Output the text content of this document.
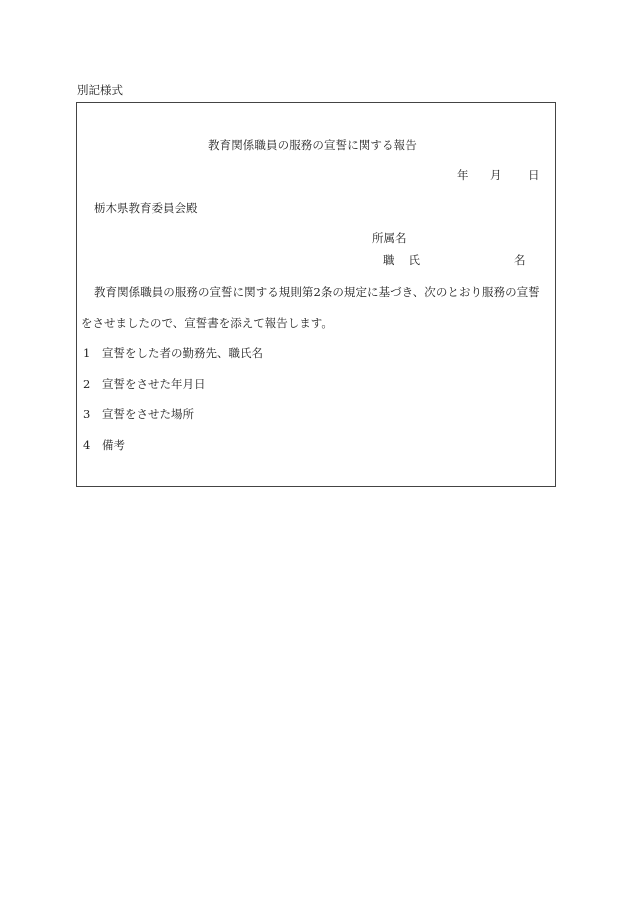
別記様式
教育関係職員の服務の宣誓に関する報告
年 月 日
栃木県教育委員会殿
所属名
職氏	名
教育関係職員の服務の宣誓に関する規則第2条の規定に基づき、次のとおり服務の宣誓
をさせましたので、宣誓書を添えて報告します。
1 宣誓をした者の勤務先、職氏名
2 宣誓をさせた年月日
3 宣誓をさせた場所
4 備考
